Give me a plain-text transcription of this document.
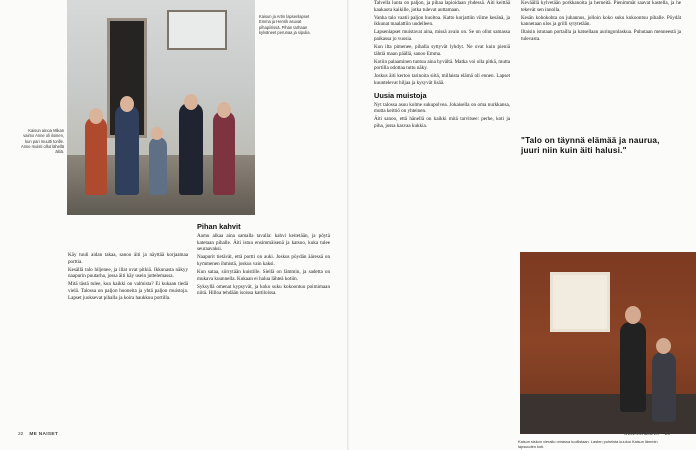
Kaisun ainoa Mikan vaimo Anne oli iloinen, kun pari muutti torille. Anne muisti ollut lähellä äitiä.
Kaisun ja Artin lapsenlapset Emma ja Henrik asuvat pihapiirissä. Pihan tarhaan kylväneet perunaa ja sipulia.
Kaisun siskon vierailu omassa tuoliistaan. Lasten puheista kuuluu Kaisun lämmin lapsuuden koti.

Käy tuuli aidan takaa, sanoo äiti ja näyttää korjaamaa porttia.

Kesällä talo hiljenee, ja illat ovat pitkiä. Ikkunasta näkyy naapurin puutarha, jossa äiti käy usein juttelemassa.

Mitä tästä tulee, kun kaikki on valmista? Ei kukaan tiedä vielä. Talossa on paljon huoneita ja yhtä paljon muistoja. Lapset juoksevat pihalla ja koira haukkuu portilla.

Pihan kahvit

Aamu alkaa aina samalla tavalla: kahvi keitetään, ja pöytä katetaan pihalle. Äiti istuu ensimmäisenä ja katsoo, kuka tulee seuraavaksi.

Naapurit tietävät, että portti on auki. Joskus pöydän ääressä on kymmenen ihmistä, joskus vain kaksi.

Kun sataa, siirrytään kuistille. Siellä on lämmin, ja sadetta on mukava kuunnella. Kukaan ei halua lähteä kotiin.

Syksyllä omenat kypsyvät, ja koko suku kokoontuu poimimaan niitä. Hilloa tehdään isoissa kattiloissa.

Talvella lunta on paljon, ja pihaa lapioidaan yhdessä. Äiti keittää kaakaota kaikille, jotka tulevat auttamaan.

Vanha talo vaatii paljon huoltoa. Katto korjattiin viime kesänä, ja ikkunat maalattiin uudelleen.

Lapsenlapset muistavat aina, missä avain on. Se on ollut samassa paikassa jo vuosia.

Kun ilta pimenee, pihalla syttyvät lyhdyt. Ne ovat kuin pieniä tähtiä maan päällä, sanoo Emma.

Kotiin palaaminen tuntuu aina hyvältä. Matka voi olla pitkä, mutta portilla odottaa tuttu näky.

Joskus äiti kertoo tarinoita siitä, millaista elämä oli ennen. Lapset kuuntelevat hiljaa ja kysyvät lisää.

Uusia muistoja

Nyt talossa asuu kolme sukupolvea. Jokaisella on oma nurkkansa, mutta keittiö on yhteinen.

Äiti sanoo, että hänellä on kaikki mitä tarvitsee: perhe, koti ja piha, jossa kasvaa kukkia.

Keväällä kylvetään porkkanoita ja herneitä. Pienimmät saavat kastella, ja he tekevät sen innolla.

Kesän kohokohta on juhannus, jolloin koko suku kokoontuu pihalle. Pöydät kannetaan ulos ja grilli sytytetään.

Iltaisin istutaan portailla ja katsellaan auringonlaskua. Puhutaan menneestä ja tulevasta.

"Talo on täynnä elämää ja naurua, juuri niin kuin äiti halusi."
22 ME NAISET	www.menaiset.fi 23
